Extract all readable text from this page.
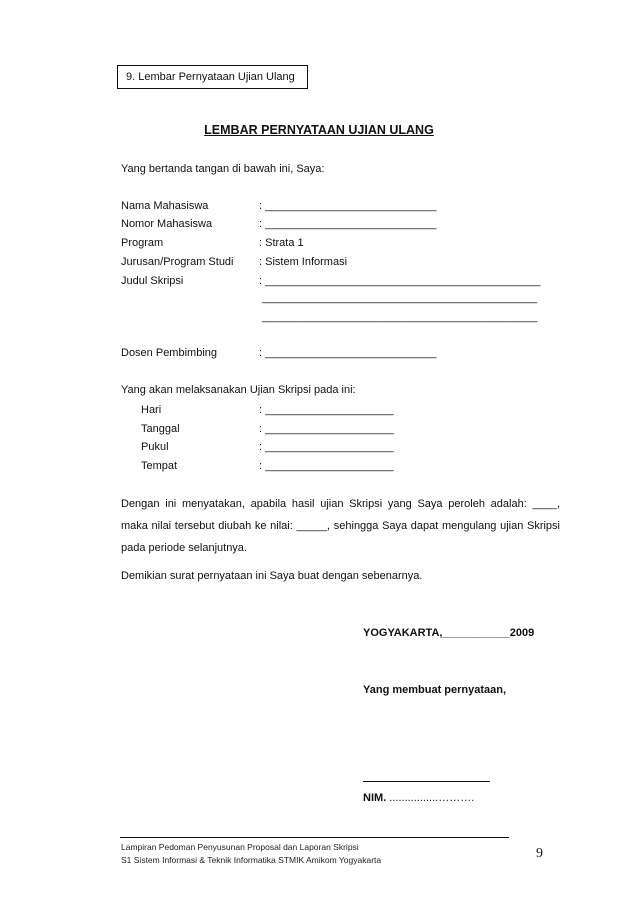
9. Lembar Pernyataan Ujian Ulang
LEMBAR PERNYATAAN UJIAN ULANG
Yang bertanda tangan di bawah ini, Saya:
Nama Mahasiswa	: ____________________________
Nomor Mahasiswa	: ____________________________
Program	: Strata 1
Jurusan/Program Studi : Sistem Informasi
Judul Skripsi	: _____________________________________________
_____________________________________________
_____________________________________________
Dosen Pembimbing	: ____________________________
Yang akan melaksanakan Ujian Skripsi pada ini:
Hari	: _____________________
Tanggal	: _____________________
Pukul	: _____________________
Tempat	: _____________________
Dengan ini menyatakan, apabila hasil ujian Skripsi yang Saya peroleh adalah: ____, maka nilai tersebut diubah ke nilai: _____, sehingga Saya dapat mengulang ujian Skripsi pada periode selanjutnya.
Demikian surat pernyataan ini Saya buat dengan sebenarnya.
YOGYAKARTA,___________2009
Yang membuat pernyataan,
NIM. ................……….
Lampiran Pedoman Penyusunan Proposal dan Laporan Skripsi
S1 Sistem Informasi & Teknik Informatika STMIK Amikom Yogyakarta	9
